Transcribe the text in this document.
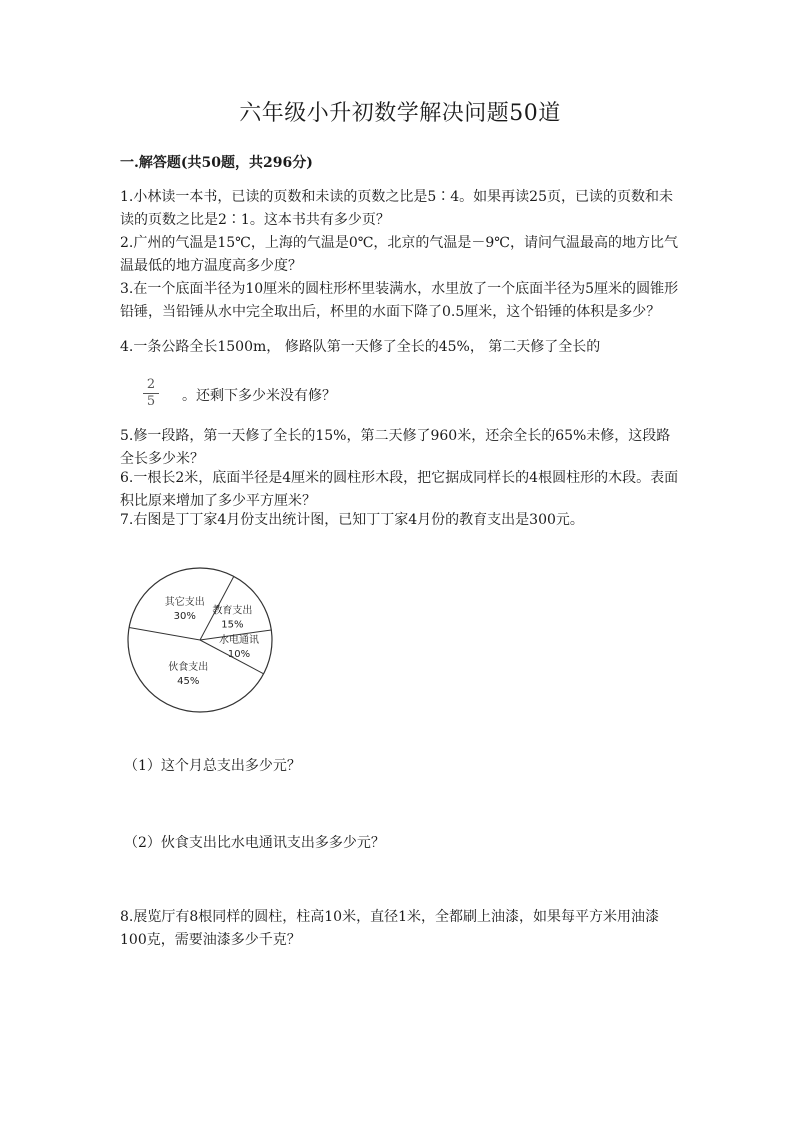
六年级小升初数学解决问题50道
一.解答题(共50题，共296分)
1.小林读一本书，已读的页数和未读的页数之比是5∶4。如果再读25页，已读的页数和未读的页数之比是2∶1。这本书共有多少页？
2.广州的气温是15℃，上海的气温是0℃，北京的气温是－9℃，请问气温最高的地方比气温最低的地方温度高多少度？
3.在一个底面半径为10厘米的圆柱形杯里装满水，水里放了一个底面半径为5厘米的圆锥形铅锤，当铅锤从水中完全取出后，杯里的水面下降了0.5厘米，这个铅锤的体积是多少？
4.一条公路全长1500m， 修路队第一天修了全长的45%， 第二天修了全长的
2
5 。还剩下多少米没有修？
5.修一段路，第一天修了全长的15%，第二天修了960米，还余全长的65%未修，这段路全长多少米？
6.一根长2米，底面半径是4厘米的圆柱形木段，把它据成同样长的4根圆柱形的木段。表面积比原来增加了多少平方厘米？
7.右图是丁丁家4月份支出统计图，已知丁丁家4月份的教育支出是300元。
其它支出
30%
教育支出
15%
水电通讯
10%
伙食支出
45%
（1）这个月总支出多少元？
（2）伙食支出比水电通讯支出多多少元？
8.展览厅有8根同样的圆柱，柱高10米，直径1米，全都刷上油漆，如果每平方米用油漆100克，需要油漆多少千克？
